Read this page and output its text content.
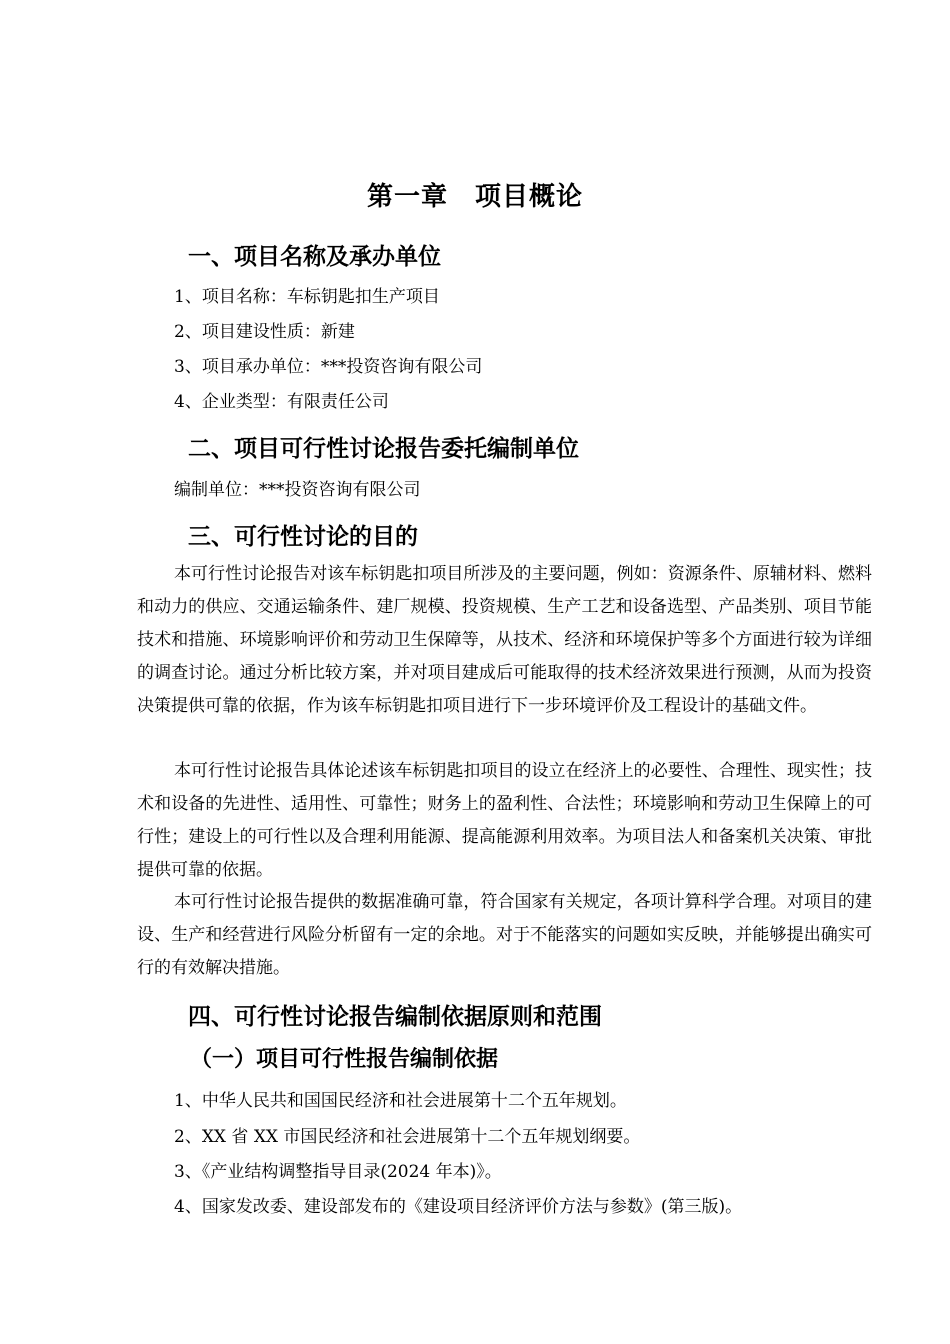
第一章　项目概论
一、项目名称及承办单位
1、项目名称：车标钥匙扣生产项目
2、项目建设性质：新建
3、项目承办单位：***投资咨询有限公司
4、企业类型：有限责任公司
二、项目可行性讨论报告委托编制单位
编制单位：***投资咨询有限公司
三、可行性讨论的目的
本可行性讨论报告对该车标钥匙扣项目所涉及的主要问题，例如：资源条件、原辅材料、燃料和动力的供应、交通运输条件、建厂规模、投资规模、生产工艺和设备选型、产品类别、项目节能技术和措施、环境影响评价和劳动卫生保障等，从技术、经济和环境保护等多个方面进行较为详细的调查讨论。通过分析比较方案，并对项目建成后可能取得的技术经济效果进行预测，从而为投资决策提供可靠的依据，作为该车标钥匙扣项目进行下一步环境评价及工程设计的基础文件。
本可行性讨论报告具体论述该车标钥匙扣项目的设立在经济上的必要性、合理性、现实性；技术和设备的先进性、适用性、可靠性；财务上的盈利性、合法性；环境影响和劳动卫生保障上的可行性；建设上的可行性以及合理利用能源、提高能源利用效率。为项目法人和备案机关决策、审批提供可靠的依据。
本可行性讨论报告提供的数据准确可靠，符合国家有关规定，各项计算科学合理。对项目的建设、生产和经营进行风险分析留有一定的余地。对于不能落实的问题如实反映，并能够提出确实可行的有效解决措施。
四、可行性讨论报告编制依据原则和范围
（一）项目可行性报告编制依据
1、中华人民共和国国民经济和社会进展第十二个五年规划。
2、XX 省 XX 市国民经济和社会进展第十二个五年规划纲要。
3、《产业结构调整指导目录(2024 年本)》。
4、国家发改委、建设部发布的《建设项目经济评价方法与参数》(第三版)。
